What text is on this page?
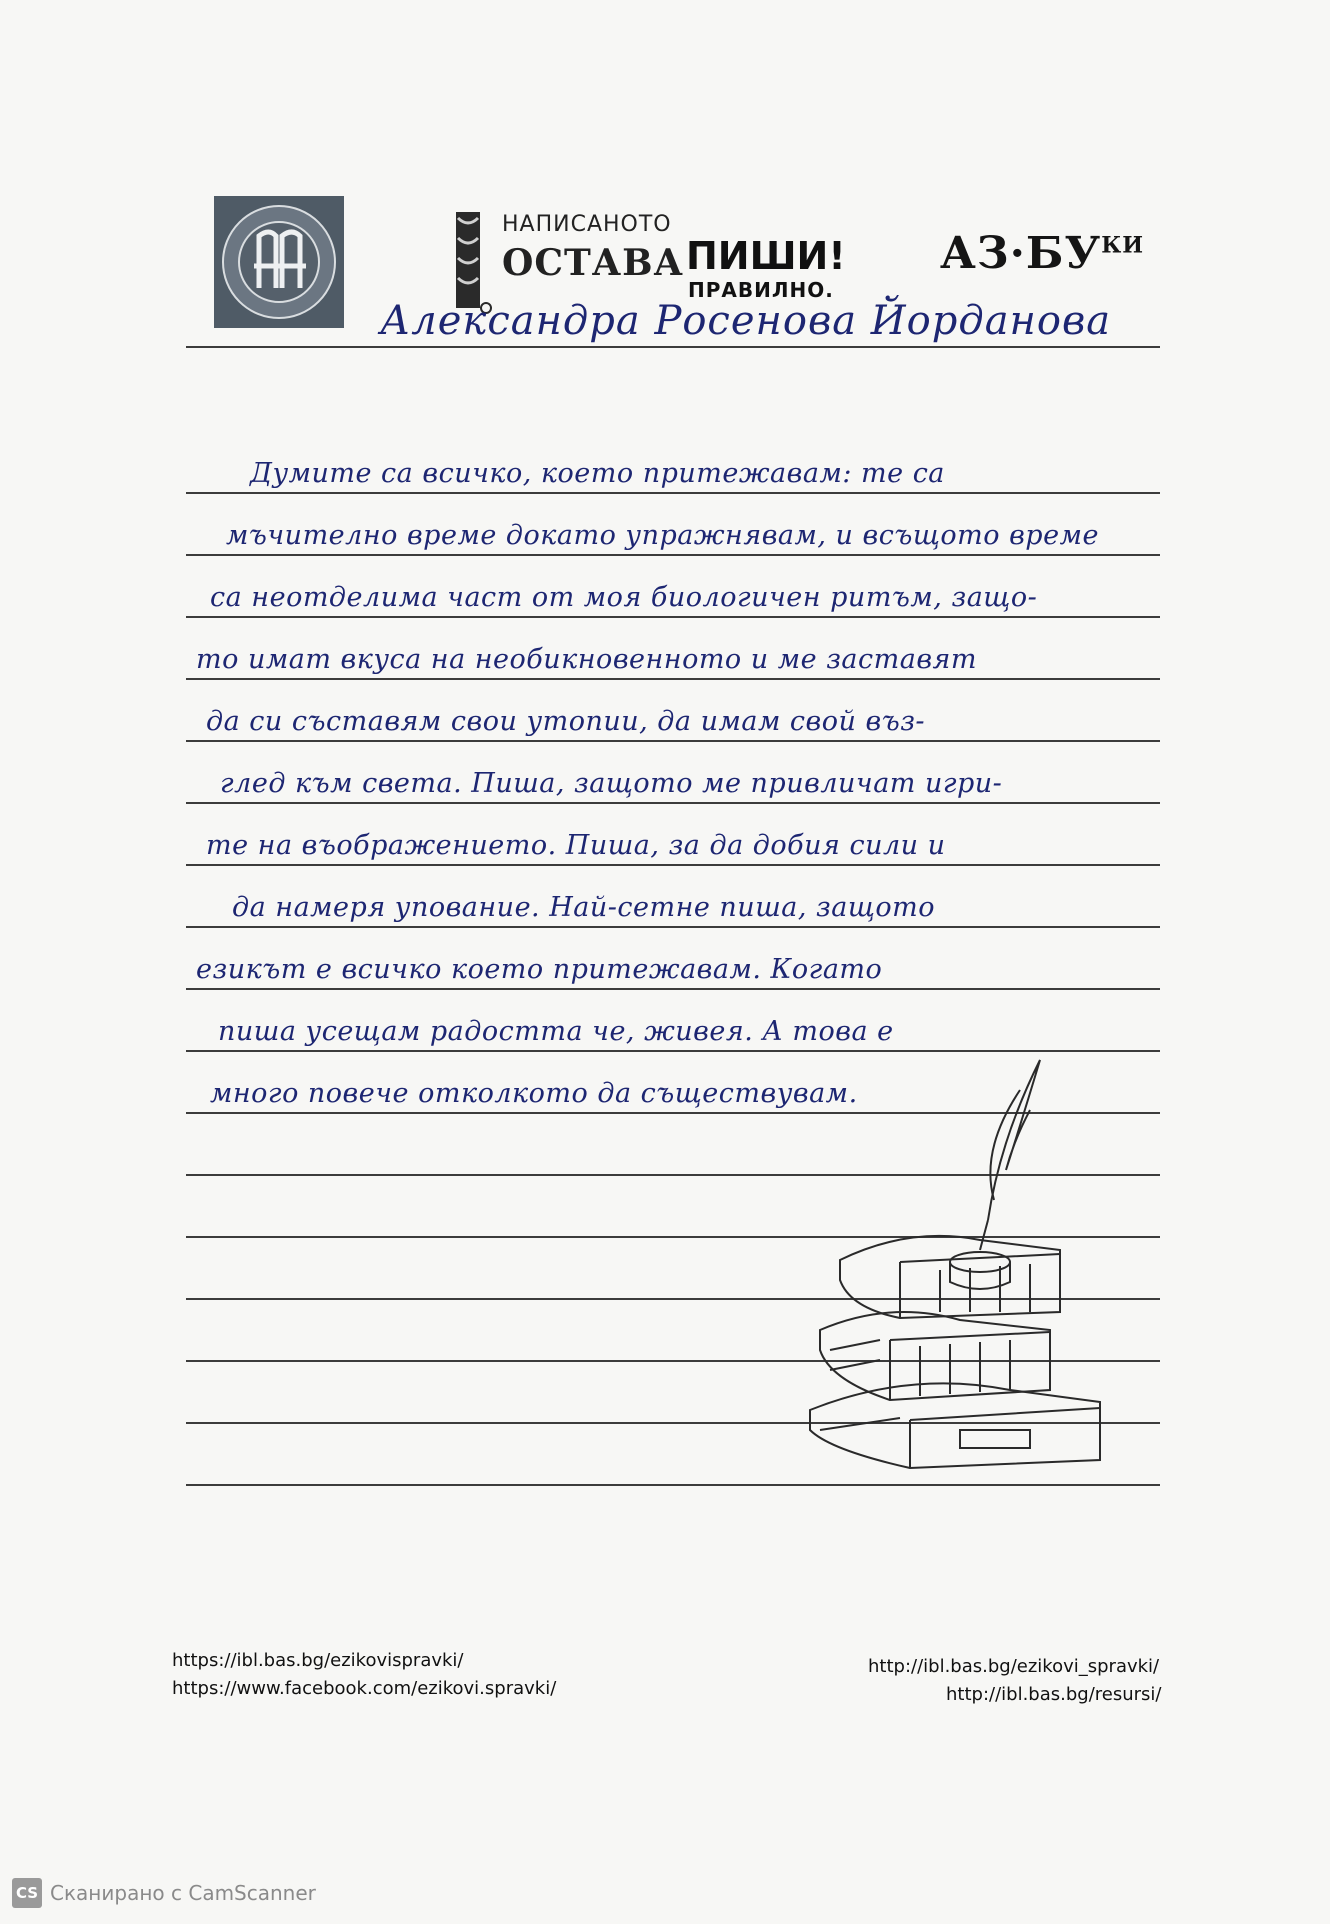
НАПИСАНОТО
ОСТАВА ПИШИ!
ПРАВИЛНО.
$АЗ\cdot БУ^{КИ}$
Александра Росенова Йорданова
Думите са всичко, което притежавам: те са
мъчително време докато упражнявам, и всъщото време
са неотделима част от моя биологичен ритъм, защо-
то имат вкуса на необикновенното и ме заставят
да си съставям свои утопии, да имам свой въз-
глед към света. Пиша, защото ме привличат игри-
те на въображението. Пиша, за да добия сили и
да намеря упование. Най-сетне пиша, защото
езикът е всичко което притежавам. Когато
пиша усещам радостта че, живея. А това е
много повече отколкото да съществувам.
https://ibl.bas.bg/ezikovispravki/
https://www.facebook.com/ezikovi.spravki/
http://ibl.bas.bg/ezikovi_spravki/
http://ibl.bas.bg/resursi/
CS Сканирано с CamScanner
